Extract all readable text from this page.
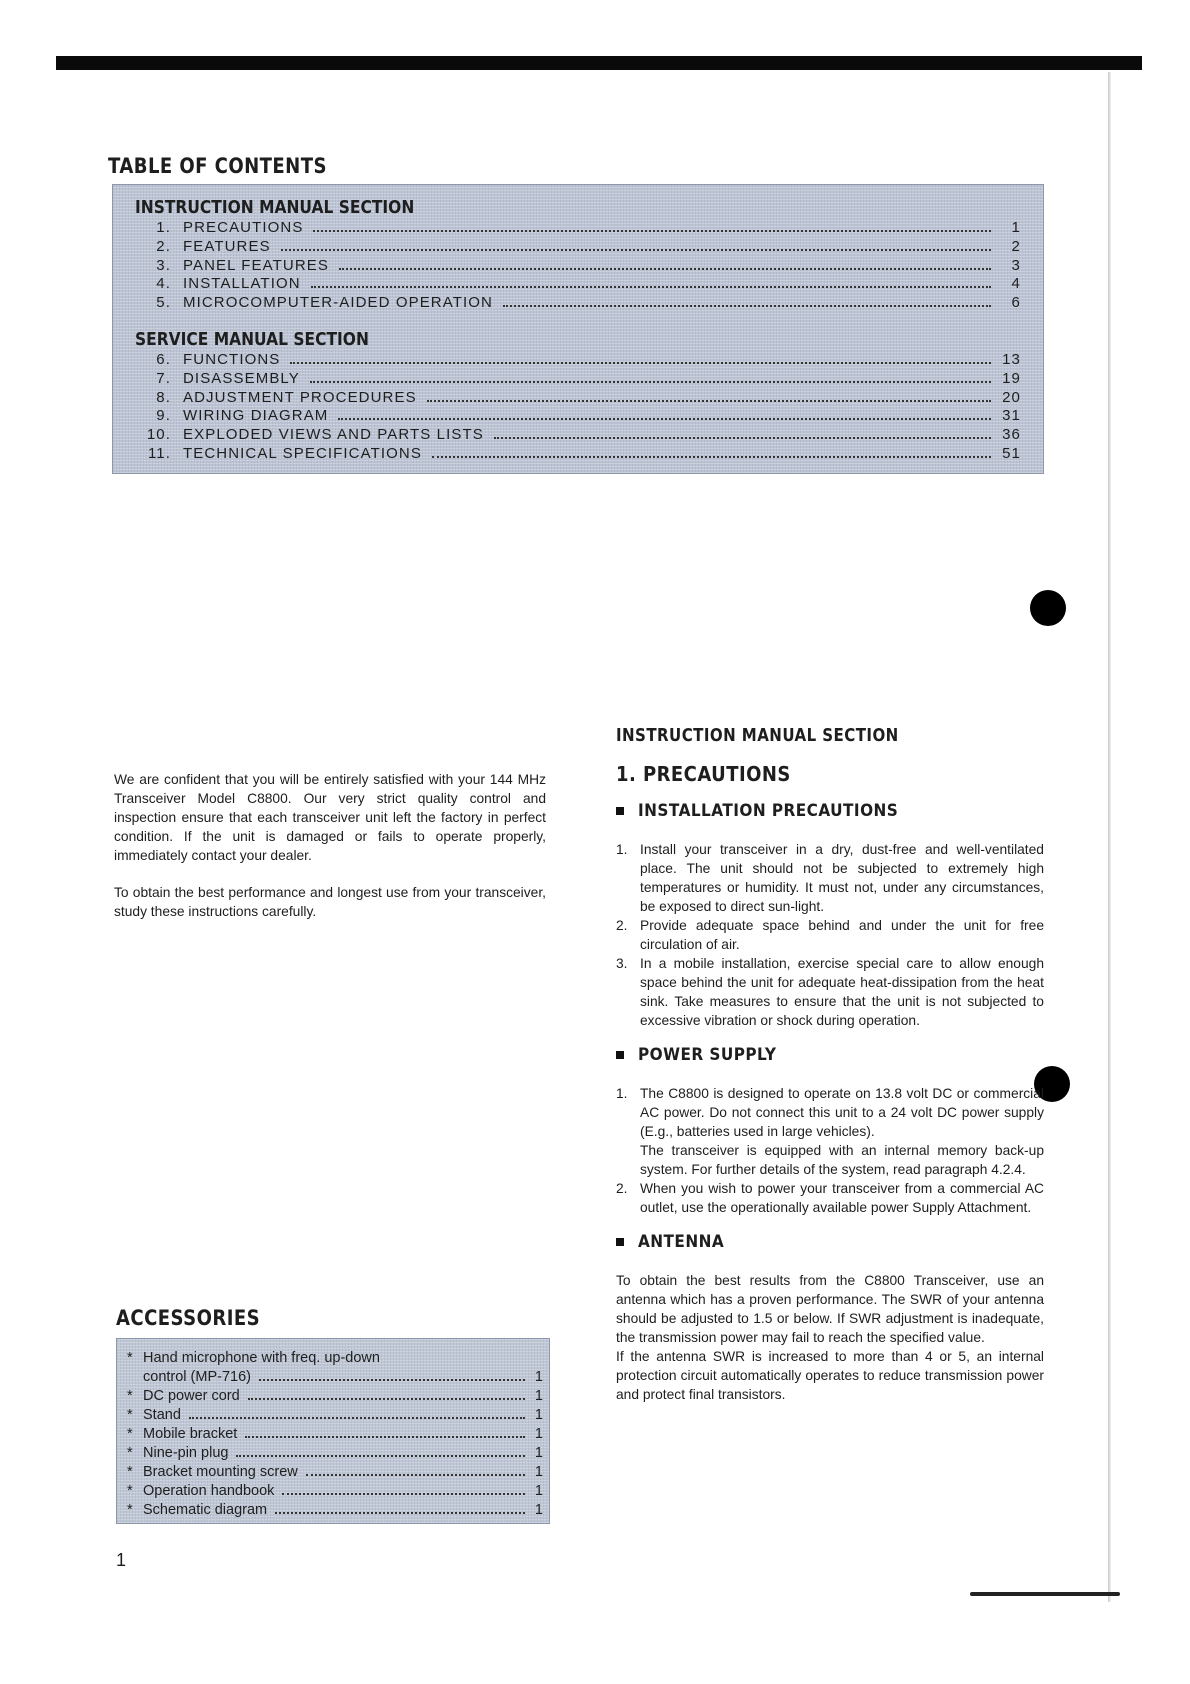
TABLE OF CONTENTS
INSTRUCTION MANUAL SECTION
1. PRECAUTIONS	1
2. FEATURES	2
3. PANEL FEATURES	3
4. INSTALLATION	4
5. MICROCOMPUTER-AIDED OPERATION	6
SERVICE MANUAL SECTION
6. FUNCTIONS	13
7. DISASSEMBLY	19
8. ADJUSTMENT PROCEDURES	20
9. WIRING DIAGRAM	31
10. EXPLODED VIEWS AND PARTS LISTS	36
11. TECHNICAL SPECIFICATIONS	51

We are confident that you will be entirely satisfied with your 144 MHz Transceiver Model C8800. Our very strict quality control and inspection ensure that each transceiver unit left the factory in perfect condition. If the unit is damaged or fails to operate properly, immediately contact your dealer.

To obtain the best performance and longest use from your transceiver, study these instructions carefully.

ACCESSORIES
* Hand microphone with freq. up-down
control (MP-716)	1
* DC power cord	1
* Stand	1
* Mobile bracket	1
* Nine-pin plug	1
* Bracket mounting screw	1
* Operation handbook	1
* Schematic diagram	1
1
INSTRUCTION MANUAL SECTION
1. PRECAUTIONS
INSTALLATION PRECAUTIONS
1. Install your transceiver in a dry, dust-free and well-ventilated place. The unit should not be subjected to extremely high temperatures or humidity. It must not, under any circumstances, be exposed to direct sun-light.
2. Provide adequate space behind and under the unit for free circulation of air.
3. In a mobile installation, exercise special care to allow enough space behind the unit for adequate heat-dissipation from the heat sink. Take measures to ensure that the unit is not subjected to excessive vibration or shock during operation.
POWER SUPPLY
1. The C8800 is designed to operate on 13.8 volt DC or commercial AC power. Do not connect this unit to a 24 volt DC power supply (E.g., batteries used in large vehicles).

The transceiver is equipped with an internal memory back-up system. For further details of the system, read paragraph 4.2.4.

2. When you wish to power your transceiver from a commercial AC outlet, use the operationally available power Supply Attachment.
ANTENNA

To obtain the best results from the C8800 Transceiver, use an antenna which has a proven performance. The SWR of your antenna should be adjusted to 1.5 or below. If SWR adjustment is inadequate, the transmission power may fail to reach the specified value.

If the antenna SWR is increased to more than 4 or 5, an internal protection circuit automatically operates to reduce transmission power and protect final transistors.
